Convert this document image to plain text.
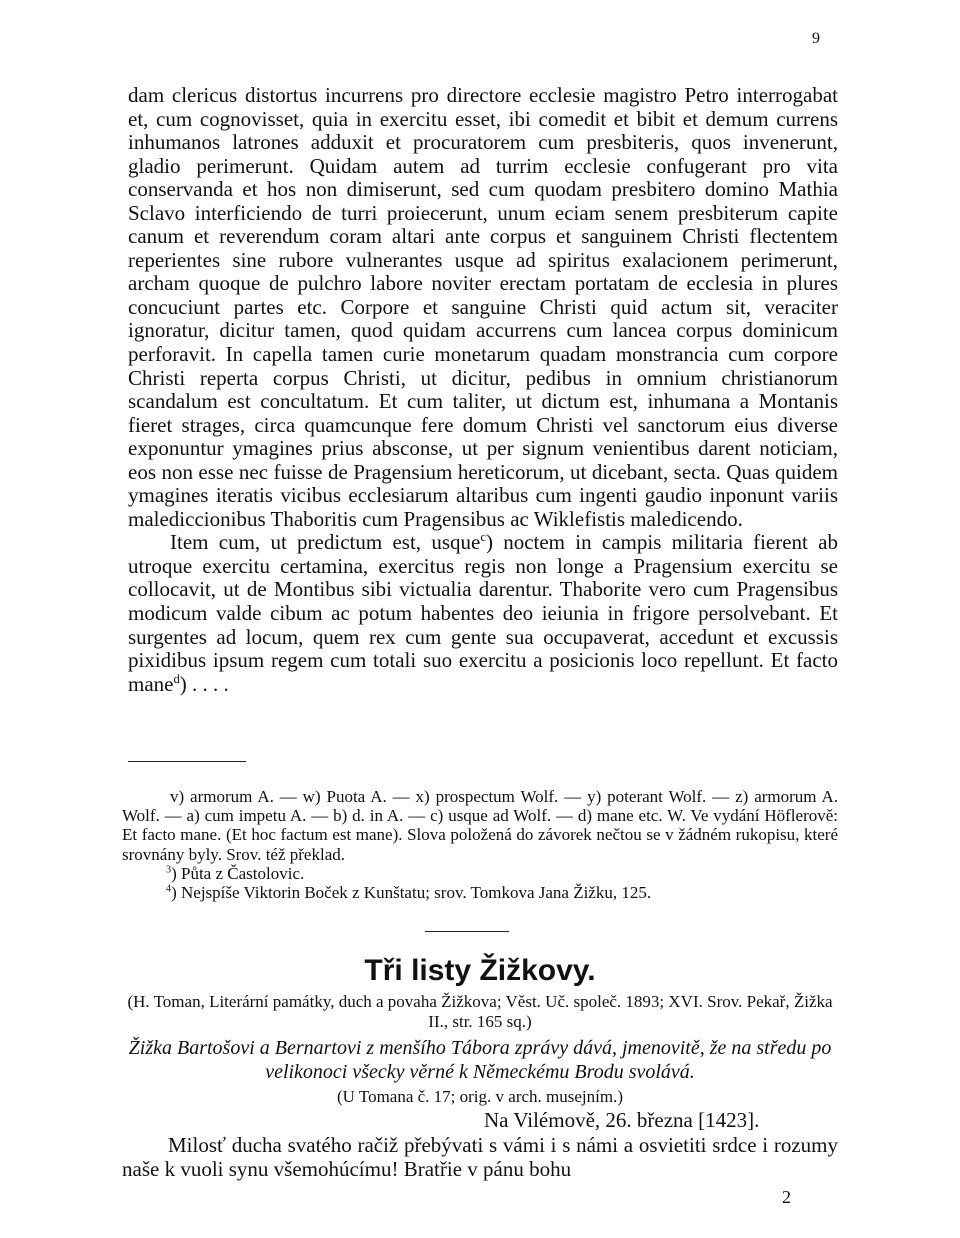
9

dam clericus distortus incurrens pro directore ecclesie magistro Petro interrogabat et, cum cognovisset, quia in exercitu esset, ibi comedit et bibit et demum currens inhumanos latrones adduxit et procuratorem cum presbiteris, quos invenerunt, gladio perimerunt. Quidam autem ad turrim ecclesie confugerant pro vita conservanda et hos non dimiserunt, sed cum quodam presbitero domino Mathia Sclavo interficiendo de turri proiecerunt, unum eciam senem presbiterum capite canum et reverendum coram altari ante corpus et sanguinem Christi flectentem reperientes sine rubore vulnerantes usque ad spiritus exalacionem perimerunt, archam quoque de pulchro labore noviter erectam portatam de ecclesia in plures concuciunt partes etc. Corpore et sanguine Christi quid actum sit, veraciter ignoratur, dicitur tamen, quod quidam accurrens cum lancea corpus dominicum perforavit. In capella tamen curie monetarum quadam monstrancia cum corpore Christi reperta corpus Christi, ut dicitur, pedibus in omnium christianorum scandalum est concultatum. Et cum taliter, ut dictum est, inhumana a Montanis fieret strages, circa quamcunque fere domum Christi vel sanctorum eius diverse exponuntur ymagines prius absconse, ut per signum venientibus darent noticiam, eos non esse nec fuisse de Pragensium hereticorum, ut dicebant, secta. Quas quidem ymagines iteratis vicibus ecclesiarum altaribus cum ingenti gaudio inponunt variis malediccionibus Thaboritis cum Pragensibus ac Wiklefistis maledicendo.

Item cum, ut predictum est, usque$^c$) noctem in campis militaria fierent ab utroque exercitu certamina, exercitus regis non longe a Pragensium exercitu se collocavit, ut de Montibus sibi victualia darentur. Thaborite vero cum Pragensibus modicum valde cibum ac potum habentes deo ieiunia in frigore persolvebant. Et surgentes ad locum, quem rex cum gente sua occupaverat, accedunt et excussis pixidibus ipsum regem cum totali suo exercitu a posicionis loco repellunt. Et facto mane$^d$) . . . .

v) armorum A. — w) Puota A. — x) prospectum Wolf. — y) poterant Wolf. — z) armorum A. Wolf. — a) cum impetu A. — b) d. in A. — c) usque ad Wolf. — d) mane etc. W. Ve vydání Höflerově: Et facto mane. (Et hoc factum est mane). Slova položená do závorek nečtou se v žádném rukopisu, které srovnány byly. Srov. též překlad.

$^3$) Půta z Častolovic.

$^4$) Nejspíše Viktorin Boček z Kunštatu; srov. Tomkova Jana Žižku, 125.

Tři listy Žižkovy.
(H. Toman, Literární památky, duch a povaha Žižkova; Věst. Uč. společ. 1893; XVI. Srov. Pekař, Žižka II., str. 165 sq.)
Žižka Bartošovi a Bernartovi z menšího Tábora zprávy dává, jmenovitě, že na středu po velikonoci všecky věrné k Německému Brodu svolává.
(U Tomana č. 17; orig. v arch. musejním.)
Na Vilémově, 26. března [1423].

Milosť ducha svatého račiž přebývati s vámi i s námi a osvietiti srdce i rozumy naše k vuoli synu všemohúcímu! Bratřie v pánu bohu

2
